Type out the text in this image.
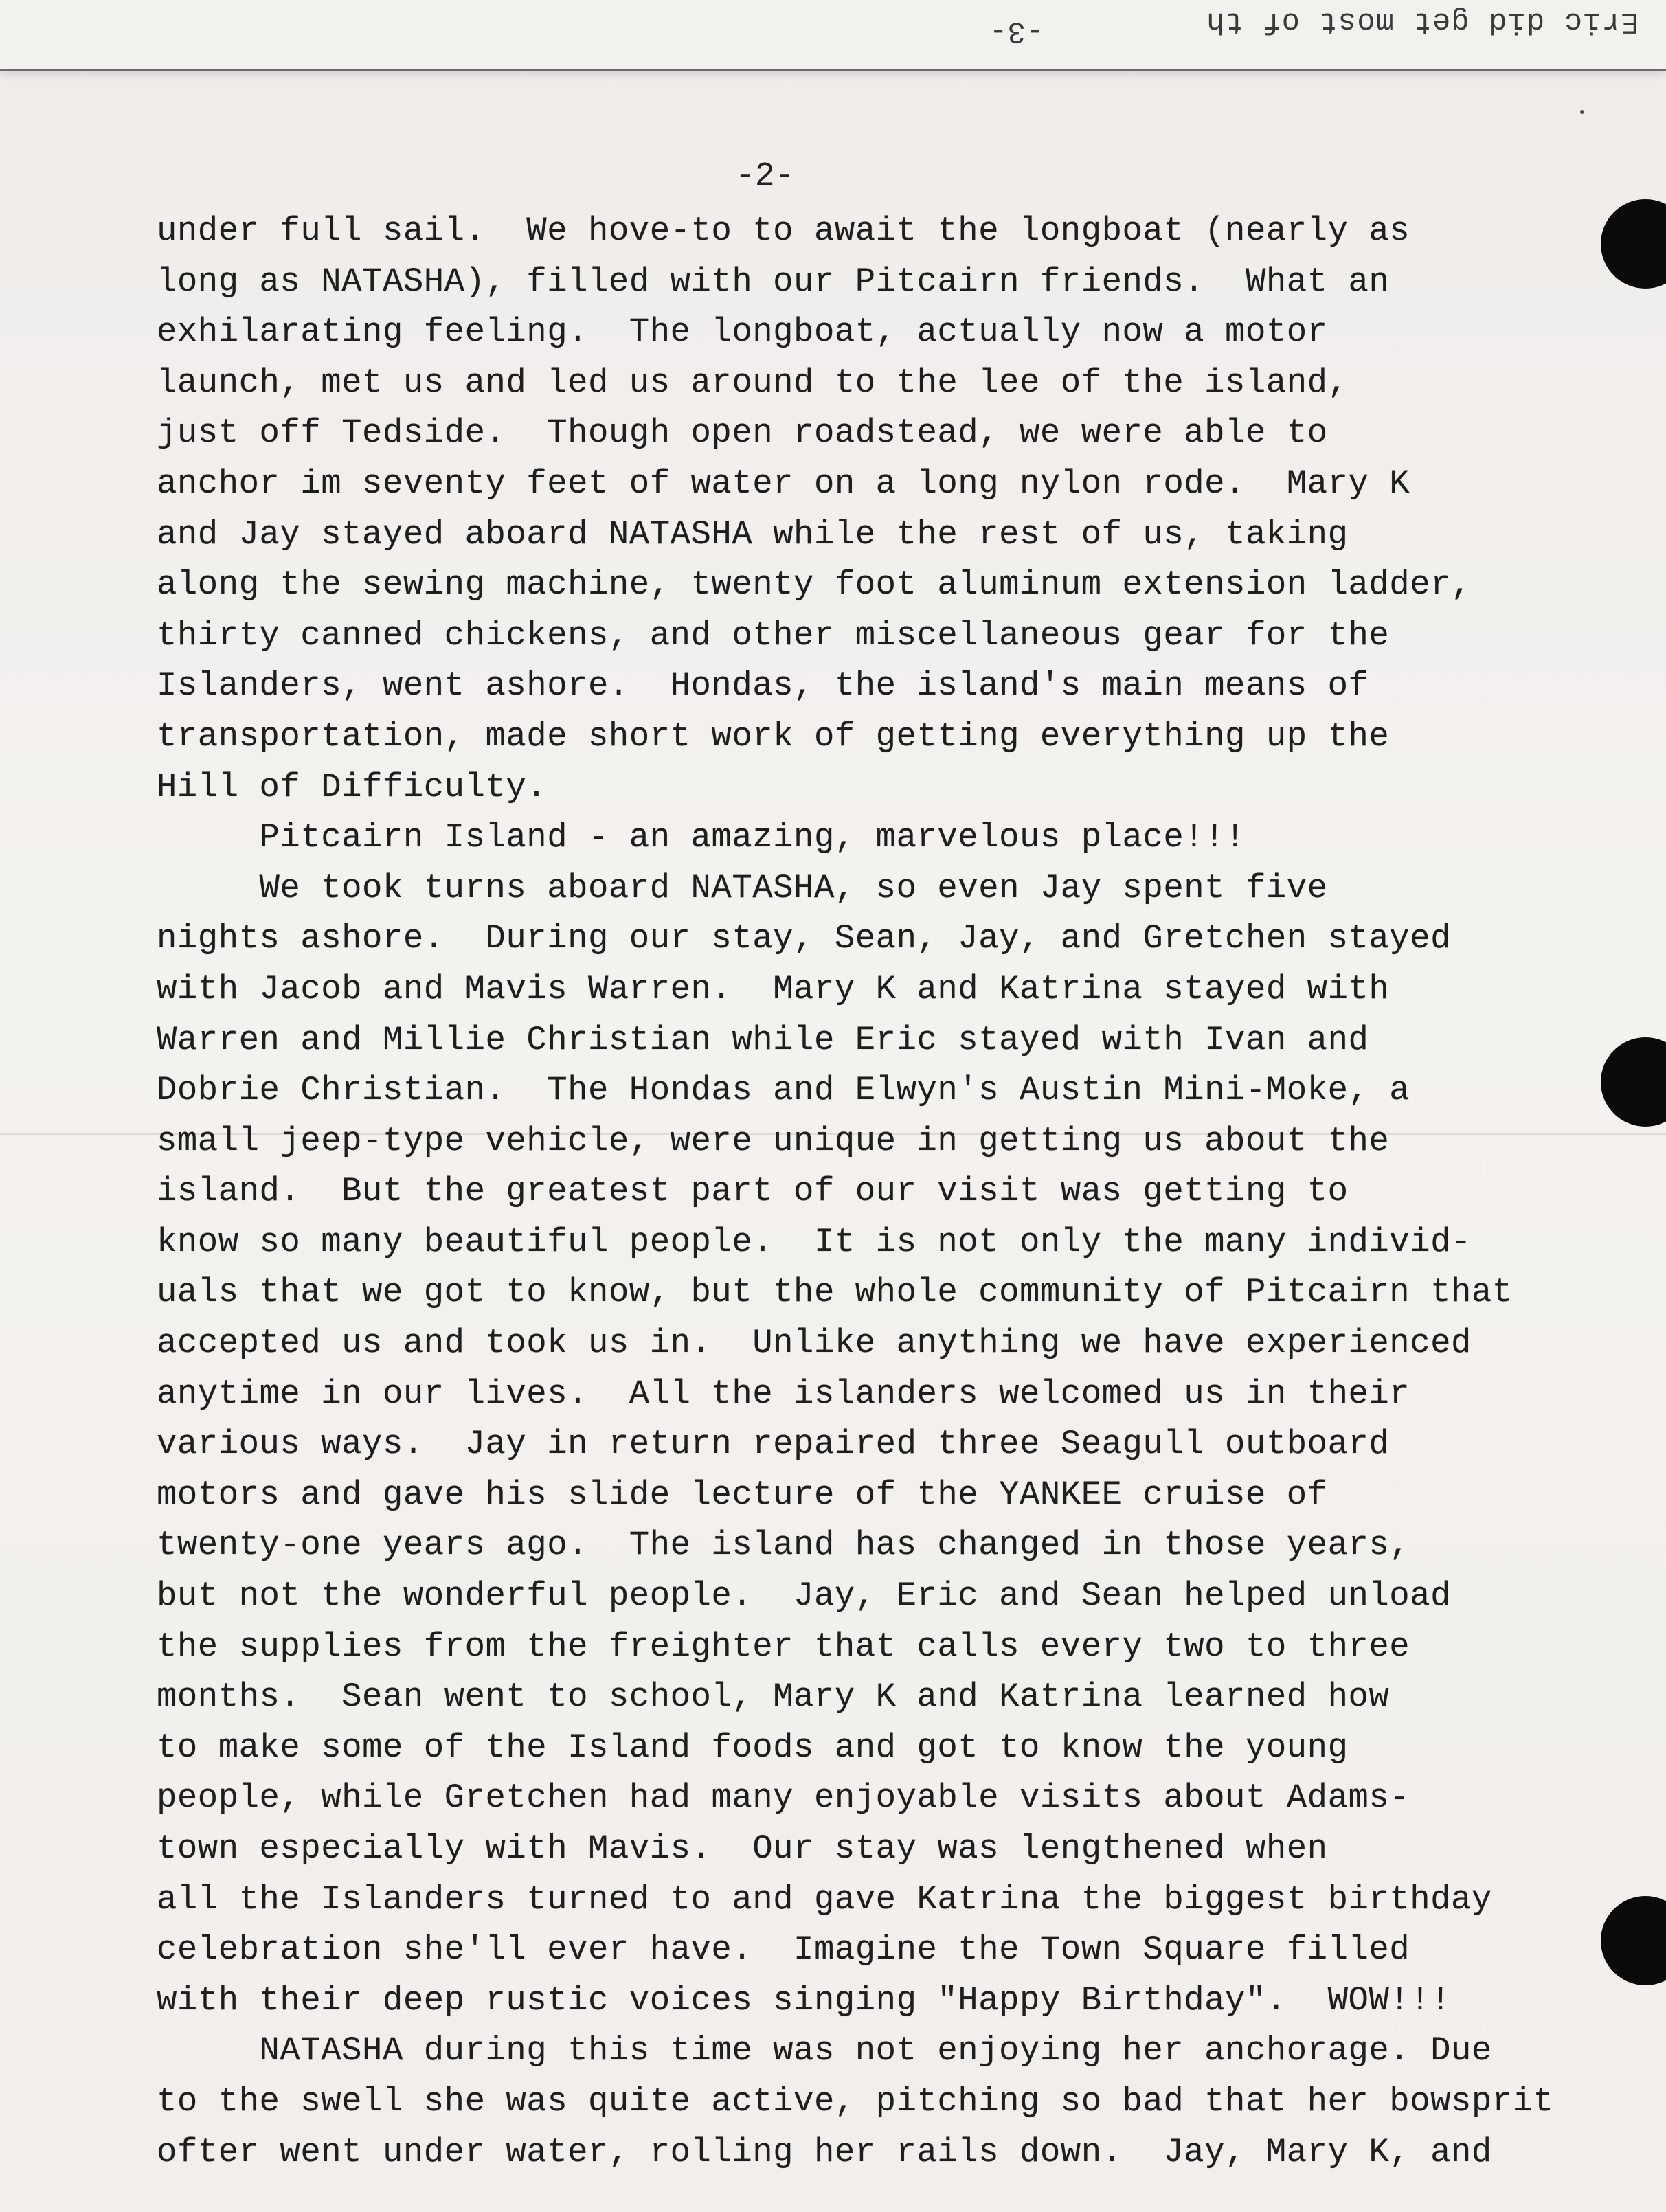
Eric did get most of th
-3-
-2-
under full sail.  We hove-to to await the longboat (nearly as
long as NATASHA), filled with our Pitcairn friends.  What an
exhilarating feeling.  The longboat, actually now a motor
launch, met us and led us around to the lee of the island,
just off Tedside.  Though open roadstead, we were able to
anchor im seventy feet of water on a long nylon rode.  Mary K
and Jay stayed aboard NATASHA while the rest of us, taking
along the sewing machine, twenty foot aluminum extension ladder,
thirty canned chickens, and other miscellaneous gear for the
Islanders, went ashore.  Hondas, the island's main means of
transportation, made short work of getting everything up the
Hill of Difficulty.
Pitcairn Island - an amazing, marvelous place!!!
We took turns aboard NATASHA, so even Jay spent five
nights ashore.  During our stay, Sean, Jay, and Gretchen stayed
with Jacob and Mavis Warren.  Mary K and Katrina stayed with
Warren and Millie Christian while Eric stayed with Ivan and
Dobrie Christian.  The Hondas and Elwyn's Austin Mini-Moke, a
small jeep-type vehicle, were unique in getting us about the
island.  But the greatest part of our visit was getting to
know so many beautiful people.  It is not only the many individ-
uals that we got to know, but the whole community of Pitcairn that
accepted us and took us in.  Unlike anything we have experienced
anytime in our lives.  All the islanders welcomed us in their
various ways.  Jay in return repaired three Seagull outboard
motors and gave his slide lecture of the YANKEE cruise of
twenty-one years ago.  The island has changed in those years,
but not the wonderful people.  Jay, Eric and Sean helped unload
the supplies from the freighter that calls every two to three
months.  Sean went to school, Mary K and Katrina learned how
to make some of the Island foods and got to know the young
people, while Gretchen had many enjoyable visits about Adams-
town especially with Mavis.  Our stay was lengthened when
all the Islanders turned to and gave Katrina the biggest birthday
celebration she'll ever have.  Imagine the Town Square filled
with their deep rustic voices singing "Happy Birthday".  WOW!!!
NATASHA during this time was not enjoying her anchorage. Due
to the swell she was quite active, pitching so bad that her bowsprit
ofter went under water, rolling her rails down.  Jay, Mary K, and
